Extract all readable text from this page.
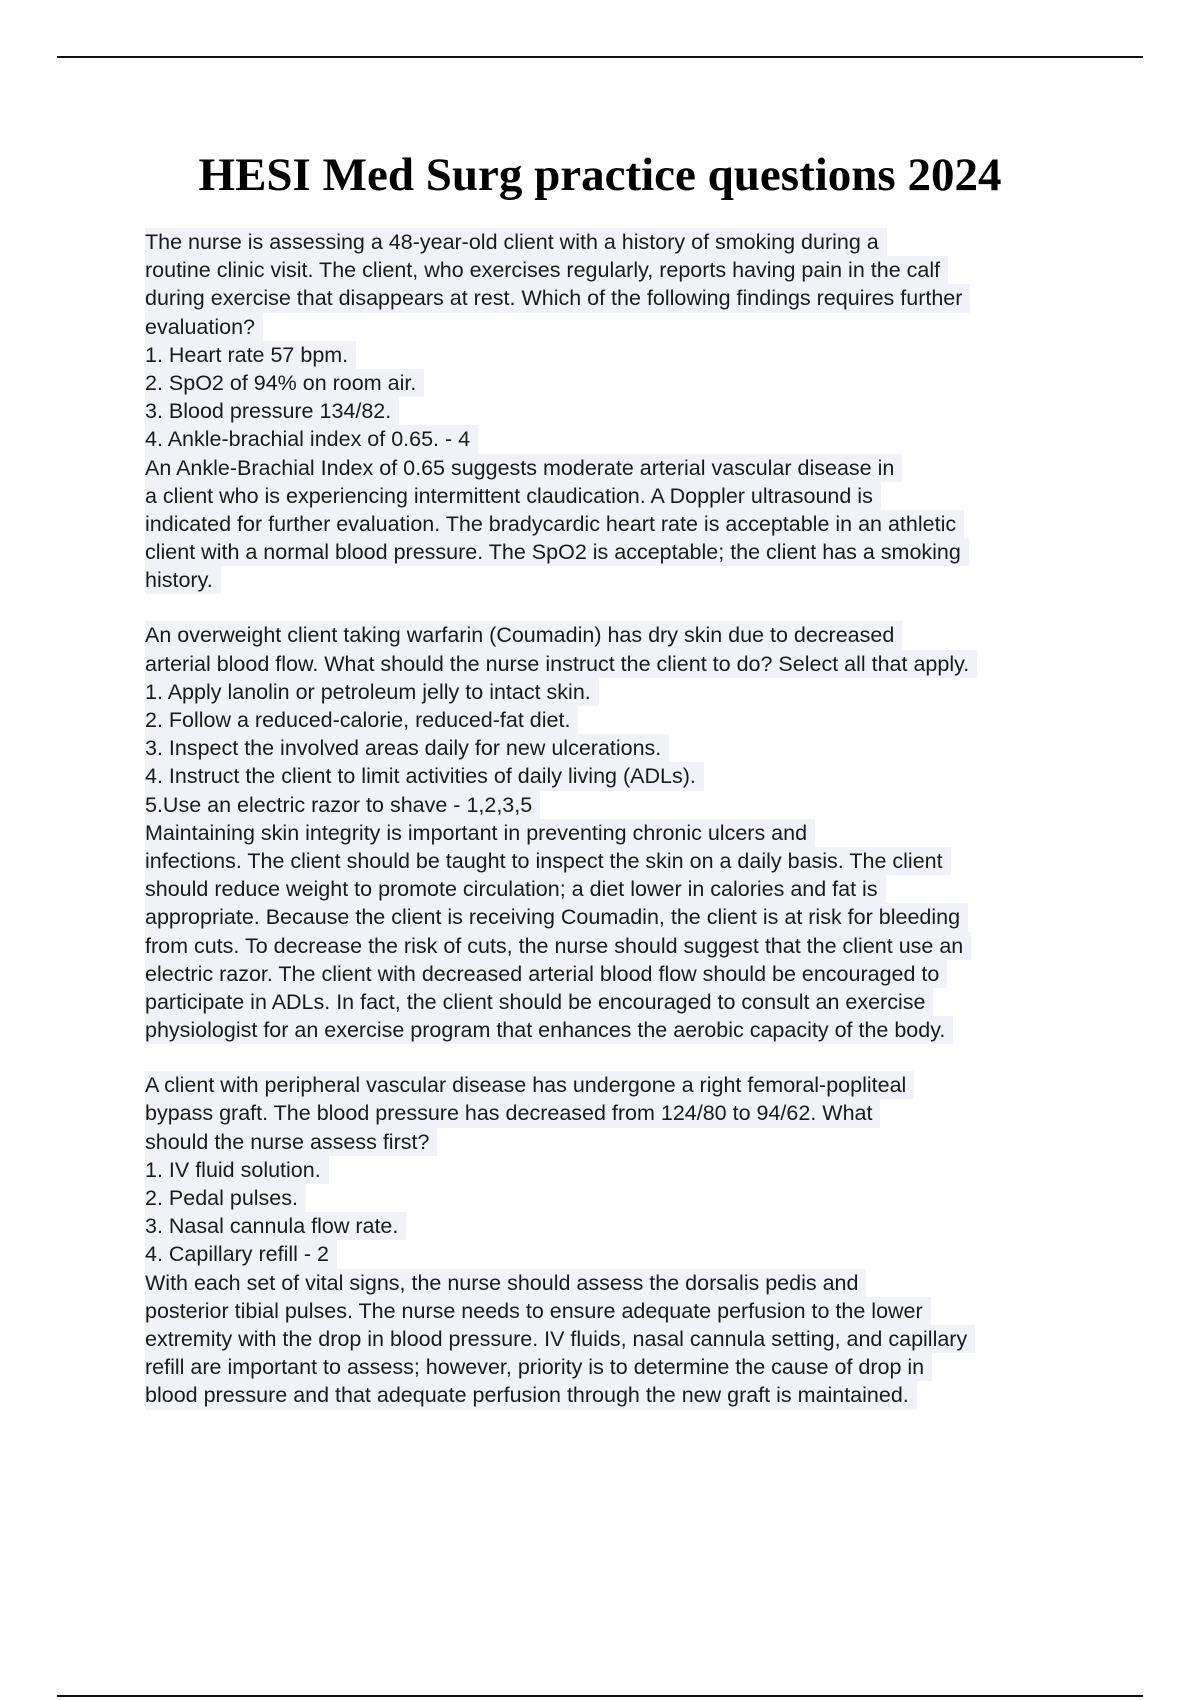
HESI Med Surg practice questions 2024
The nurse is assessing a 48-year-old client with a history of smoking during a
routine clinic visit. The client, who exercises regularly, reports having pain in the calf
during exercise that disappears at rest. Which of the following findings requires further
evaluation?
1. Heart rate 57 bpm.
2. SpO2 of 94% on room air.
3. Blood pressure 134/82.
4. Ankle-brachial index of 0.65. - 4
An Ankle-Brachial Index of 0.65 suggests moderate arterial vascular disease in
a client who is experiencing intermittent claudication. A Doppler ultrasound is
indicated for further evaluation. The bradycardic heart rate is acceptable in an athletic
client with a normal blood pressure. The SpO2 is acceptable; the client has a smoking
history.
An overweight client taking warfarin (Coumadin) has dry skin due to decreased
arterial blood flow. What should the nurse instruct the client to do? Select all that apply.
1. Apply lanolin or petroleum jelly to intact skin.
2. Follow a reduced-calorie, reduced-fat diet.
3. Inspect the involved areas daily for new ulcerations.
4. Instruct the client to limit activities of daily living (ADLs).
5.Use an electric razor to shave - 1,2,3,5
Maintaining skin integrity is important in preventing chronic ulcers and
infections. The client should be taught to inspect the skin on a daily basis. The client
should reduce weight to promote circulation; a diet lower in calories and fat is
appropriate. Because the client is receiving Coumadin, the client is at risk for bleeding
from cuts. To decrease the risk of cuts, the nurse should suggest that the client use an
electric razor. The client with decreased arterial blood flow should be encouraged to
participate in ADLs. In fact, the client should be encouraged to consult an exercise
physiologist for an exercise program that enhances the aerobic capacity of the body.
A client with peripheral vascular disease has undergone a right femoral-popliteal
bypass graft. The blood pressure has decreased from 124/80 to 94/62. What
should the nurse assess first?
1. IV fluid solution.
2. Pedal pulses.
3. Nasal cannula flow rate.
4. Capillary refill - 2
With each set of vital signs, the nurse should assess the dorsalis pedis and
posterior tibial pulses. The nurse needs to ensure adequate perfusion to the lower
extremity with the drop in blood pressure. IV fluids, nasal cannula setting, and capillary
refill are important to assess; however, priority is to determine the cause of drop in
blood pressure and that adequate perfusion through the new graft is maintained.
